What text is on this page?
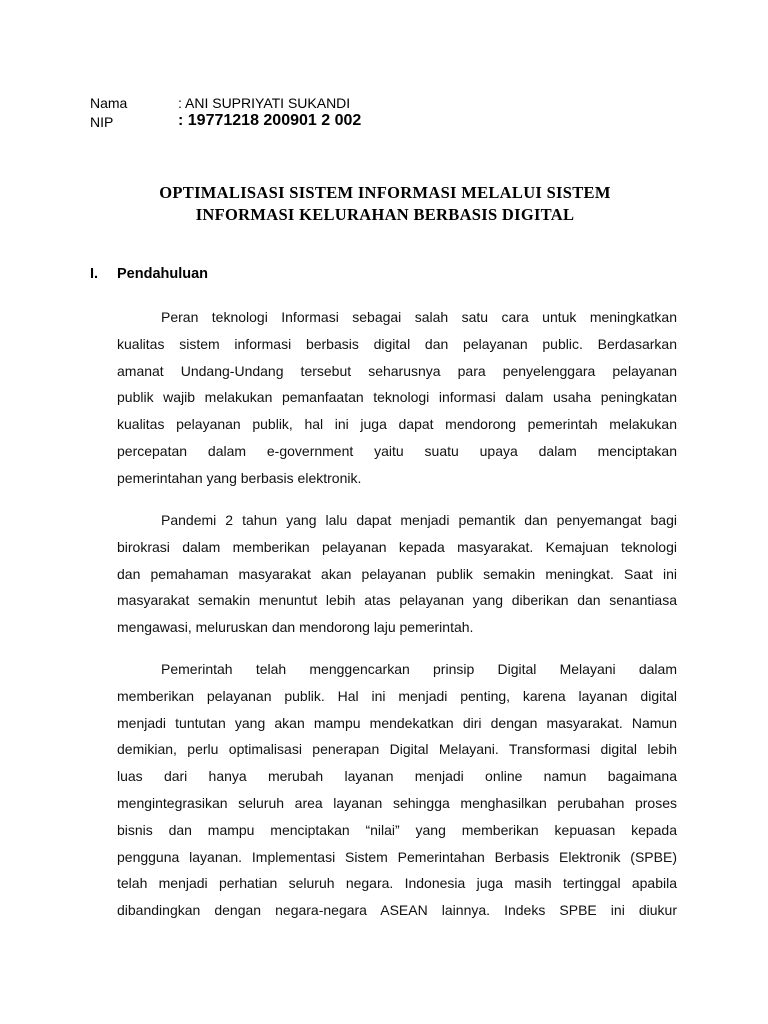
Nama	: ANI SUPRIYATI SUKANDI
NIP	: 19771218 200901 2 002
OPTIMALISASI SISTEM INFORMASI MELALUI SISTEM
INFORMASI KELURAHAN BERBASIS DIGITAL
I. Pendahuluan
Peran teknologi Informasi sebagai salah satu cara untuk meningkatkan
kualitas sistem informasi berbasis digital dan pelayanan public. Berdasarkan
amanat Undang-Undang tersebut seharusnya para penyelenggara pelayanan
publik wajib melakukan pemanfaatan teknologi informasi dalam usaha peningkatan
kualitas pelayanan publik, hal ini juga dapat mendorong pemerintah melakukan
percepatan dalam e-government yaitu suatu upaya dalam menciptakan
pemerintahan yang berbasis elektronik.
Pandemi 2 tahun yang lalu dapat menjadi pemantik dan penyemangat bagi
birokrasi dalam memberikan pelayanan kepada masyarakat. Kemajuan teknologi
dan pemahaman masyarakat akan pelayanan publik semakin meningkat. Saat ini
masyarakat semakin menuntut lebih atas pelayanan yang diberikan dan senantiasa
mengawasi, meluruskan dan mendorong laju pemerintah.
Pemerintah telah menggencarkan prinsip Digital Melayani dalam
memberikan pelayanan publik. Hal ini menjadi penting, karena layanan digital
menjadi tuntutan yang akan mampu mendekatkan diri dengan masyarakat. Namun
demikian, perlu optimalisasi penerapan Digital Melayani. Transformasi digital lebih
luas dari hanya merubah layanan menjadi online namun bagaimana
mengintegrasikan seluruh area layanan sehingga menghasilkan perubahan proses
bisnis dan mampu menciptakan “nilai” yang memberikan kepuasan kepada
pengguna layanan. Implementasi Sistem Pemerintahan Berbasis Elektronik (SPBE)
telah menjadi perhatian seluruh negara. Indonesia juga masih tertinggal apabila
dibandingkan dengan negara-negara ASEAN lainnya. Indeks SPBE ini diukur
